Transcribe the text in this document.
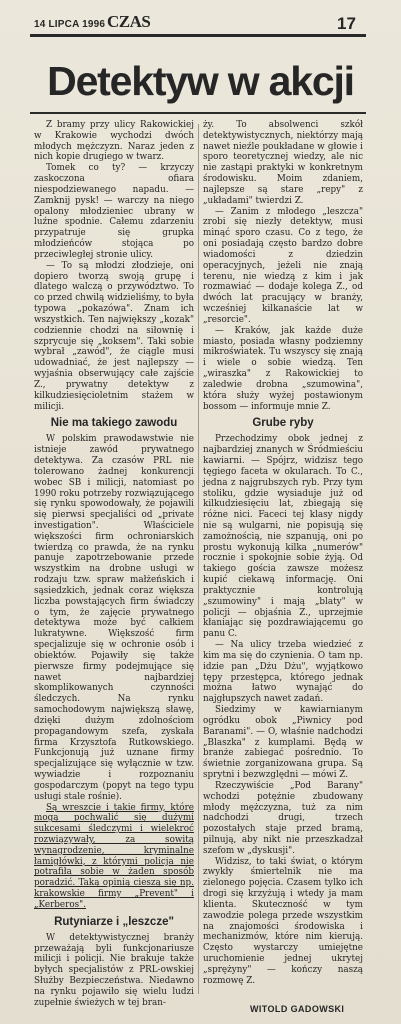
14 LIPCA 1996 CZAS	17
Detektyw w akcji

Z bramy przy ulicy Rakowickiej w Krakowie wychodzi dwóch młodych mężczyzn. Naraz jeden z nich kopie drugiego w twarz.

Tomek co ty? — krzyczy zaskoczona ofiara niespodziewanego napadu. — Zamknij pysk! — warczy na niego opalony młodzieniec ubrany w luźne spodnie. Całemu zdarzeniu przypatruje się grupka młodzieńców stojąca po przeciwległej stronie ulicy.

— To są młodzi złodzieje, oni dopiero tworzą swoją grupę i dlatego walczą o przywództwo. To co przed chwilą widzieliśmy, to była typowa „pokazówa". Znam ich wszystkich. Ten największy „kozak" codziennie chodzi na siłownię i szprycuje się „koksem". Taki sobie wybrał „zawód", że ciągle musi udowadniać, że jest najlepszy — wyjaśnia obserwujący całe zajście Z., prywatny detektyw z kilkudziesięcioletnim stażem w milicji.

Nie ma takiego zawodu

W polskim prawodawstwie nie istnieje zawód prywatnego detektywa. Za czasów PRL nie tolerowano żadnej konkurencji wobec SB i milicji, natomiast po 1990 roku potrzeby rozwiązującego się rynku spowodowały, że pojawili się pierwsi specjaliści od „private investigation". Właściciele większości firm ochroniarskich twierdzą co prawda, że na rynku panuje zapotrzebowanie przede wszystkim na drobne usługi w rodzaju tzw. spraw małżeńskich i sąsiedzkich, jednak coraz większa liczba powstających firm świadczy o tym, że zajęcie prywatnego detektywa może być całkiem lukratywne. Większość firm specjalizuje się w ochronie osób i obiektów. Pojawiły się także pierwsze firmy podejmujące się nawet najbardziej skomplikowanych czynności śledczych. Na rynku samochodowym największą sławę, dzięki dużym zdolnościom propagandowym szefa, zyskała firma Krzysztofa Rutkowskiego. Funkcjonują już uznane firmy specjalizujące się wyłącznie w tzw. wywiadzie i rozpoznaniu gospodarczym (popyt na tego typu usługi stale rośnie).

Są wreszcie i takie firmy, które mogą pochwalić się dużymi sukcesami śledczymi i wielekroć rozwiązywały, za sowitą wynagrodzenie, kryminalne łamigłówki, z którymi policja nie potrafiła sobie w żaden sposób poradzić. Taką opinią cieszą się np. krakowskie firmy „Prevent" i „Kerberos".

Rutyniarze i „leszcze"

W detektywistycznej branży przeważają byli funkcjonariusze milicji i policji. Nie brakuje także byłych specjalistów z PRL-owskiej Służby Bezpieczeństwa. Niedawno na rynku pojawiło się wielu ludzi zupełnie świeżych w tej bran-

ży. To absolwenci szkół detektywistycznych, niektórzy mają nawet nieźle poukładane w głowie i sporo teoretycznej wiedzy, ale nic nie zastąpi praktyki w konkretnym środowisku. Moim zdaniem, najlepsze są stare „repy" z „układami" twierdzi Z.

— Zanim z młodego „leszcza" zrobi się niezły detektyw, musi minąć sporo czasu. Co z tego, że oni posiadają często bardzo dobre wiadomości z dziedzin operacyjnych, jeżeli nie znają terenu, nie wiedzą z kim i jak rozmawiać — dodaje kolega Z., od dwóch lat pracujący w branży, wcześniej kilkanaście lat w „resorcie".

— Kraków, jak każde duże miasto, posiada własny podziemny mikroświatek. Tu wszyscy się znają i wiele o sobie wiedzą. Ten „wiraszka" z Rakowickiej to zaledwie drobna „szumowina", która służy wyżej postawionym bossom — informuje mnie Z.

Grube ryby

Przechodzimy obok jednej z najbardziej znanych w Śródmieściu kawiarni. — Spójrz, widzisz tego tęgiego faceta w okularach. To C., jedna z najgrubszych ryb. Przy tym stoliku, gdzie wysiaduje już od kilkudziesięciu lat, zbiegają się różne nici. Faceci tej klasy nigdy nie są wulgarni, nie popisują się zamożnością, nie szpanują, oni po prostu wykonują kilka „numerów" rocznie i spokojnie sobie żyją. Od takiego gościa zawsze możesz kupić ciekawą informację. Oni praktycznie kontrolują „szumowiny" i mają „blaty" w policji — objaśnia Z., uprzejmie kłaniając się pozdrawiającemu go panu C.

— Na ulicy trzeba wiedzieć z kim ma się do czynienia. O tam np. idzie pan „Dżu Dżu", wyjątkowo tępy przestępca, którego jednak można łatwo wynająć do najgłupszych nawet zadań.

Siedzimy w kawiarnianym ogródku obok „Piwnicy pod Baranami". — O, właśnie nadchodzi „Blaszka" z kumplami. Będą w branże zabiegać pośrednio. To świetnie zorganizowana grupa. Są sprytni i bezwzględni — mówi Z.

Rzeczywiście „Pod Barany" wchodzi potężnie zbudowany młody mężczyzna, tuż za nim nadchodzi drugi, trzech pozostałych staje przed bramą, pilnują, aby nikt nie przeszkadzał szefom w „dyskusji".

Widzisz, to taki świat, o którym zwykły śmiertelnik nie ma zielonego pojęcia. Czasem tylko ich drogi się krzyżują i wtedy ja mam klienta. Skuteczność w tym zawodzie polega przede wszystkim na znajomości środowiska i mechanizmów, które nim kierują. Często wystarczy umiejętne uruchomienie jednej ukrytej „sprężyny" — kończy naszą rozmowę Z.

WITOLD GADOWSKI
